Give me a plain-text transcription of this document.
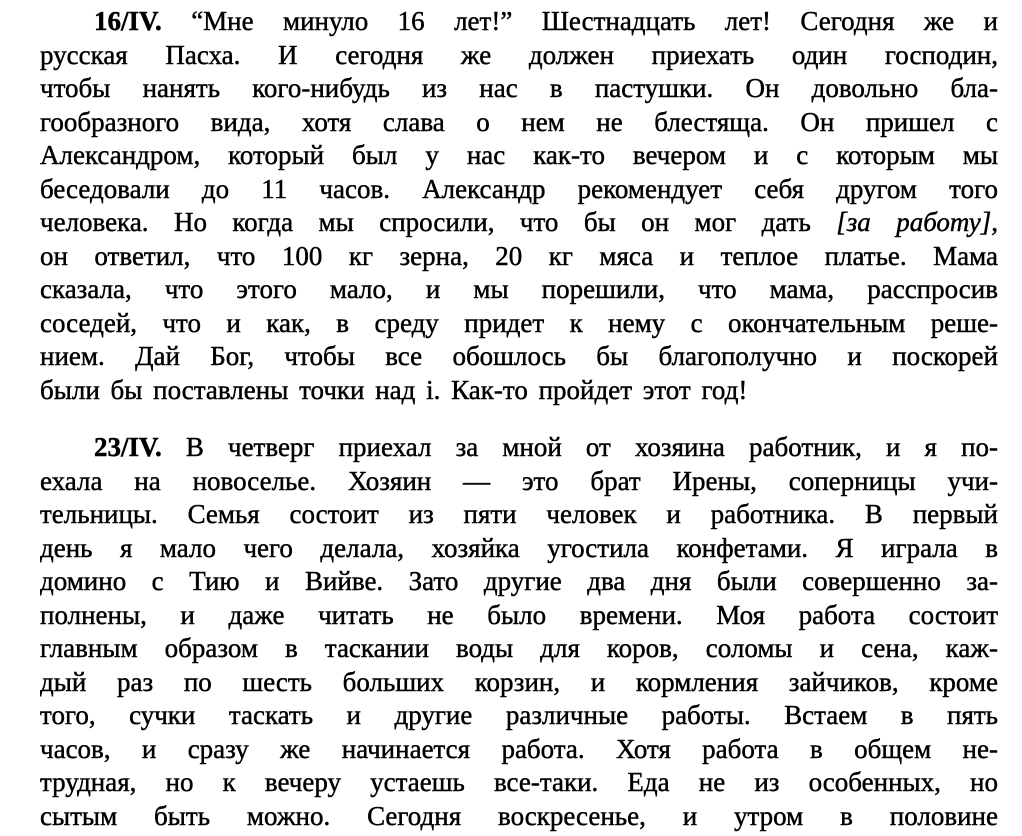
16/IV. “Мне минуло 16 лет!” Шестнадцать лет! Сегодня же и
русская Пасха. И сегодня же должен приехать один господин,
чтобы нанять кого-нибудь из нас в пастушки. Он довольно бла-
гообразного вида, хотя слава о нем не блестяща. Он пришел с
Александром, который был у нас как-то вечером и с которым мы
беседовали до 11 часов. Александр рекомендует себя другом того
человека. Но когда мы спросили, что бы он мог дать [за работу],
он ответил, что 100 кг зерна, 20 кг мяса и теплое платье. Мама
сказала, что этого мало, и мы порешили, что мама, расспросив
соседей, что и как, в среду придет к нему с окончательным реше-
нием. Дай Бог, чтобы все обошлось бы благополучно и поскорей
были бы поставлены точки над i. Как-то пройдет этот год!
23/IV. В четверг приехал за мной от хозяина работник, и я по-
ехала на новоселье. Хозяин — это брат Ирены, соперницы учи-
тельницы. Семья состоит из пяти человек и работника. В первый
день я мало чего делала, хозяйка угостила конфетами. Я играла в
домино с Тию и Вийве. Зато другие два дня были совершенно за-
полнены, и даже читать не было времени. Моя работа состоит
главным образом в таскании воды для коров, соломы и сена, каж-
дый раз по шесть больших корзин, и кормления зайчиков, кроме
того, сучки таскать и другие различные работы. Встаем в пять
часов, и сразу же начинается работа. Хотя работа в общем не-
трудная, но к вечеру устаешь все-таки. Еда не из особенных, но
сытым быть можно. Сегодня воскресенье, и утром в половине
